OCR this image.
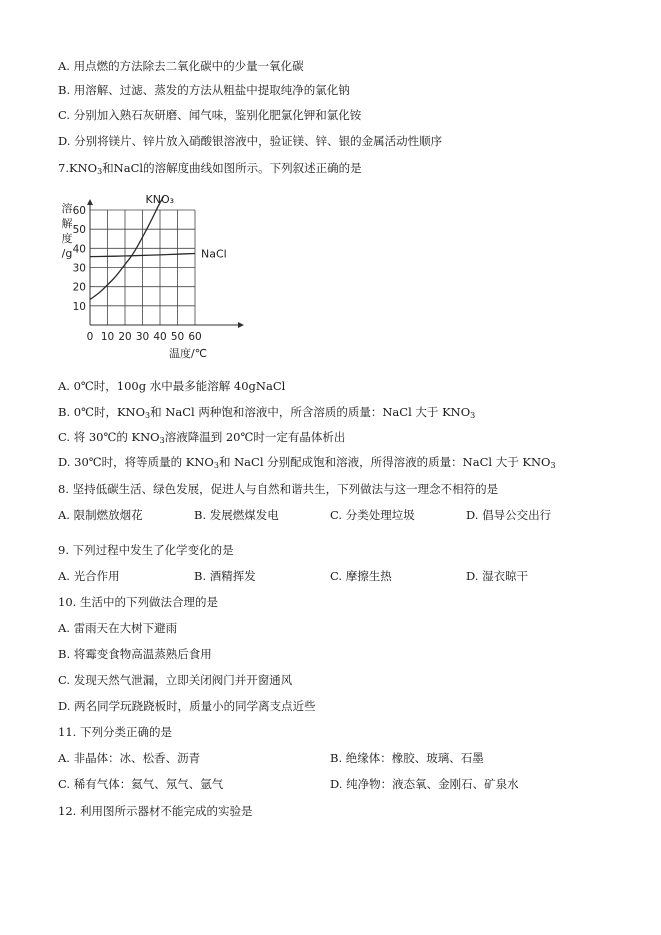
A. 用点燃的方法除去二氧化碳中的少量一氧化碳
B. 用溶解、过滤、蒸发的方法从粗盐中提取纯净的氯化钠
C. 分别加入熟石灰研磨、闻气味，鉴别化肥氯化钾和氯化铵
D. 分别将镁片、锌片放入硝酸银溶液中，验证镁、锌、银的金属活动性顺序
$7.KNO_3$和NaCl的溶解度曲线如图所示。下列叙述正确的是
溶
解
度
/g
0 10 20 30 40 50 60
10
20
30
40
50
60
KNO₃
NaCl
温度/℃
A. 0℃时，100g 水中最多能溶解 40gNaCl
B. 0℃时，$KNO_3$和 NaCl 两种饱和溶液中，所含溶质的质量：NaCl 大于 $KNO_3$
C. 将 30℃的 $KNO_3$溶液降温到 20℃时一定有晶体析出
D. 30℃时，将等质量的 $KNO_3$和 NaCl 分别配成饱和溶液，所得溶液的质量：NaCl 大于 $KNO_3$
8. 坚持低碳生活、绿色发展，促进人与自然和谐共生，下列做法与这一理念不相符的是
A. 限制燃放烟花	B. 发展燃煤发电	C. 分类处理垃圾	D. 倡导公交出行
9. 下列过程中发生了化学变化的是
A. 光合作用	B. 酒精挥发	C. 摩擦生热	D. 湿衣晾干
10. 生活中的下列做法合理的是
A. 雷雨天在大树下避雨
B. 将霉变食物高温蒸熟后食用
C. 发现天然气泄漏，立即关闭阀门并开窗通风
D. 两名同学玩跷跷板时，质量小的同学离支点近些
11. 下列分类正确的是
A. 非晶体：冰、松香、沥青	B. 绝缘体：橡胶、玻璃、石墨
C. 稀有气体：氦气、氖气、氩气	D. 纯净物：液态氧、金刚石、矿泉水
12. 利用图所示器材不能完成的实验是
